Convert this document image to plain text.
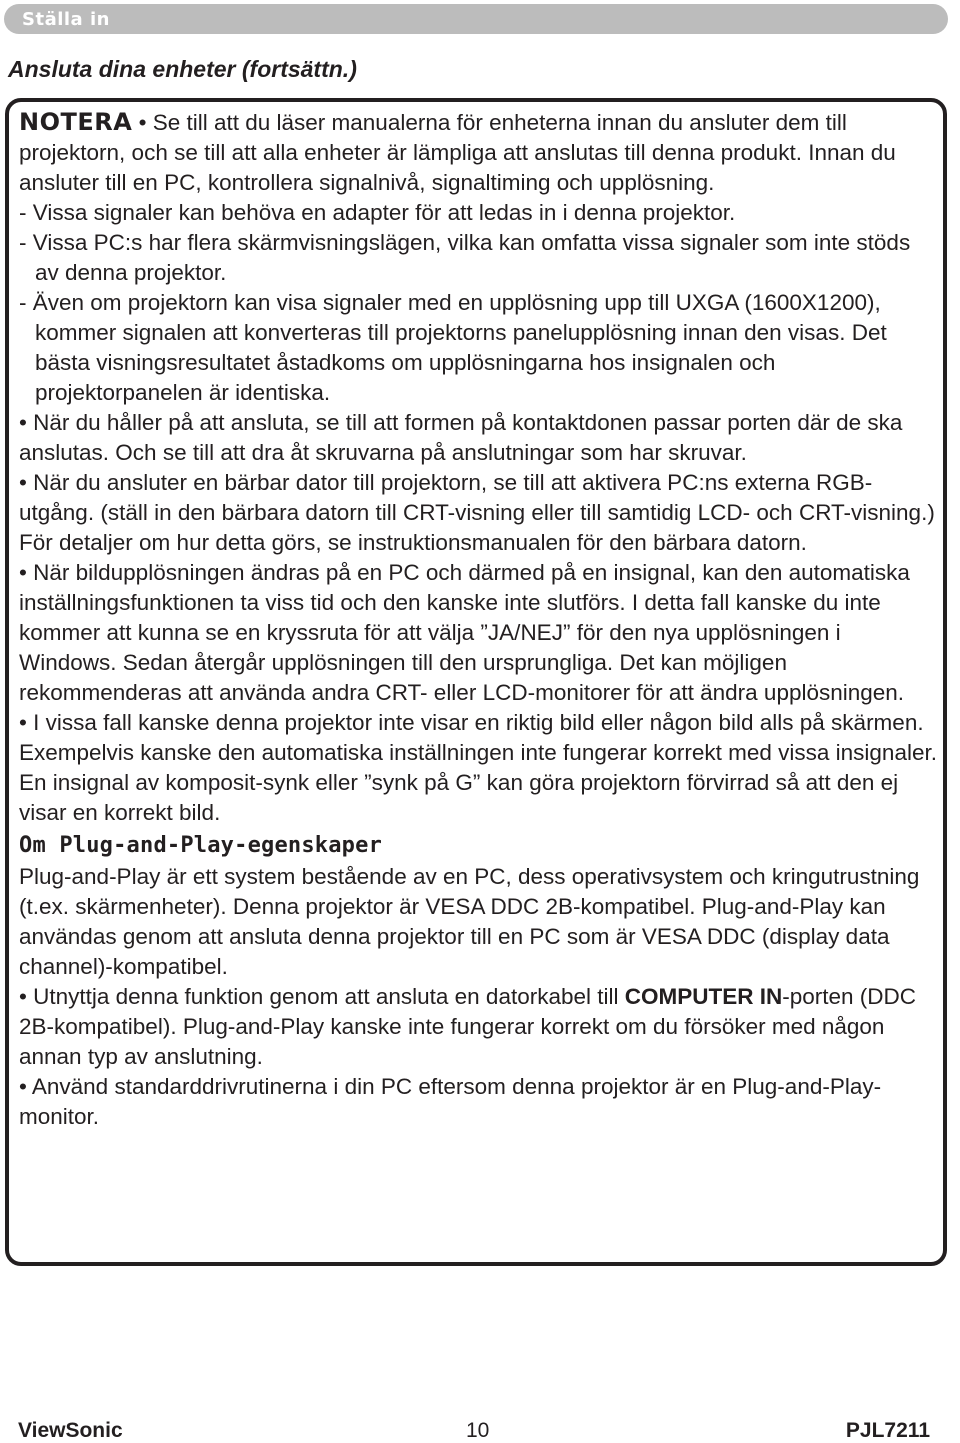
Ställa in
Ansluta dina enheter (fortsättn.)

NOTERA • Se till att du läser manualerna för enheterna innan du ansluter dem till projektorn, och se till att alla enheter är lämpliga att anslutas till denna produkt. Innan du ansluter till en PC, kontrollera signalnivå, signaltiming och upplösning.

- Vissa signaler kan behöva en adapter för att ledas in i denna projektor.

- Vissa PC:s har flera skärmvisningslägen, vilka kan omfatta vissa signaler som inte stöds av denna projektor.

- Även om projektorn kan visa signaler med en upplösning upp till UXGA (1600X1200), kommer signalen att konverteras till projektorns panelupplösning innan den visas. Det bästa visningsresultatet åstadkoms om upplösningarna hos insignalen och projektorpanelen är identiska.

• När du håller på att ansluta, se till att formen på kontaktdonen passar porten där de ska anslutas. Och se till att dra åt skruvarna på anslutningar som har skruvar.

• När du ansluter en bärbar dator till projektorn, se till att aktivera PC:ns externa RGB-utgång. (ställ in den bärbara datorn till CRT-visning eller till samtidig LCD- och CRT-visning.) För detaljer om hur detta görs, se instruktionsmanualen för den bärbara datorn.

• När bildupplösningen ändras på en PC och därmed på en insignal, kan den automatiska inställningsfunktionen ta viss tid och den kanske inte slutförs. I detta fall kanske du inte kommer att kunna se en kryssruta för att välja ”JA/NEJ” för den nya upplösningen i Windows. Sedan återgår upplösningen till den ursprungliga. Det kan möjligen rekommenderas att använda andra CRT- eller LCD-monitorer för att ändra upplösningen.

• I vissa fall kanske denna projektor inte visar en riktig bild eller någon bild alls på skärmen. Exempelvis kanske den automatiska inställningen inte fungerar korrekt med vissa insignaler. En insignal av komposit-synk eller ”synk på G” kan göra projektorn förvirrad så att den ej visar en korrekt bild.

Om Plug-and-Play-egenskaper

Plug-and-Play är ett system bestående av en PC, dess operativsystem och kringutrustning (t.ex. skärmenheter). Denna projektor är VESA DDC 2B-kompatibel. Plug-and-Play kan användas genom att ansluta denna projektor till en PC som är VESA DDC (display data channel)-kompatibel.

• Utnyttja denna funktion genom att ansluta en datorkabel till COMPUTER IN-porten (DDC 2B-kompatibel). Plug-and-Play kanske inte fungerar korrekt om du försöker med någon annan typ av anslutning.

• Använd standarddrivrutinerna i din PC eftersom denna projektor är en Plug-and-Play-monitor.

ViewSonic	10	PJL7211
